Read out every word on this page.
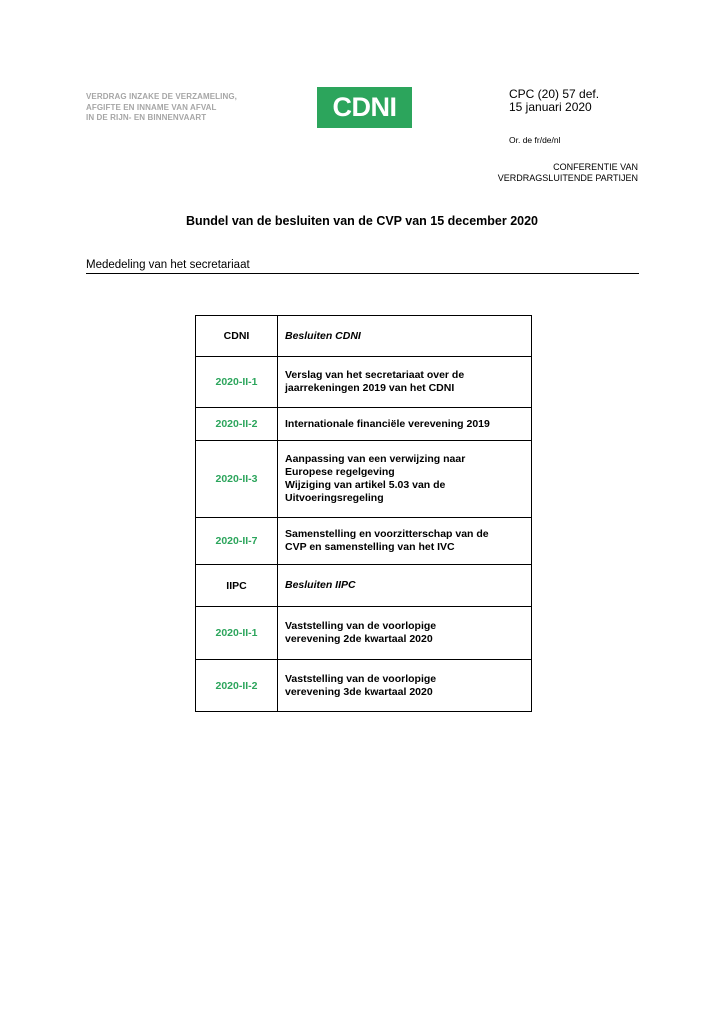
VERDRAG INZAKE DE VERZAMELING,
AFGIFTE EN INNAME VAN AFVAL
IN DE RIJN- EN BINNENVAART	CDNI	CPC (20) 57 def.
15 januari 2020
Or. de fr/de/nl
CONFERENTIE VAN
VERDRAGSLUITENDE PARTIJEN
Bundel van de besluiten van de CVP van 15 december 2020
Mededeling van het secretariaat
CDNI	Besluiten CDNI

2020-II-1	Verslag van het secretariaat over de
jaarrekeningen 2019 van het CDNI

2020-II-2	Internationale financiële verevening 2019

2020-II-3	Aanpassing van een verwijzing naar
Europese regelgeving
Wijziging van artikel 5.03 van de
Uitvoeringsregeling

2020-II-7	Samenstelling en voorzitterschap van de
CVP en samenstelling van het IVC

IIPC	Besluiten IIPC

2020-II-1	Vaststelling van de voorlopige
verevening 2de kwartaal 2020

2020-II-2	Vaststelling van de voorlopige
verevening 3de kwartaal 2020
